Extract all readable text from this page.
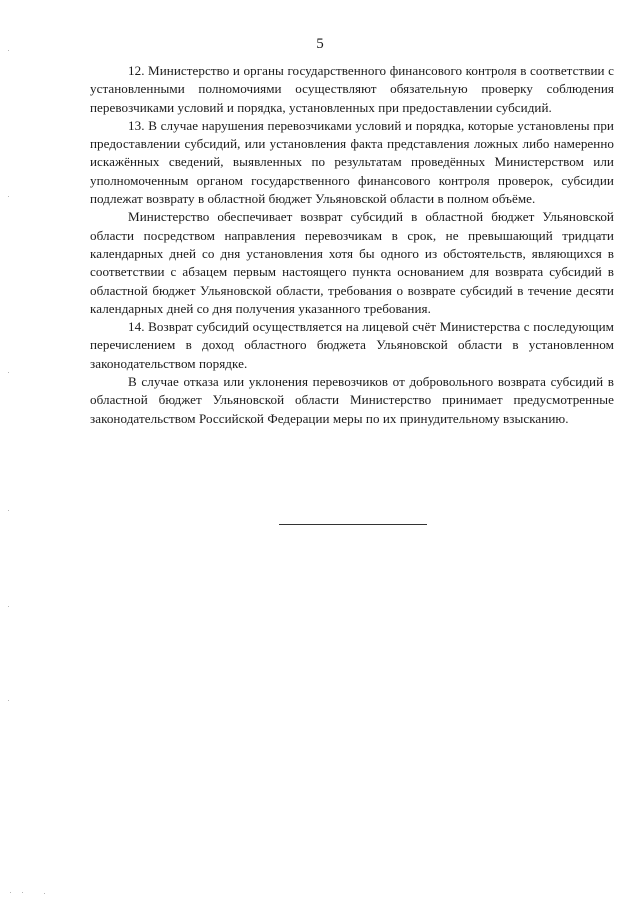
5

12. Министерство и органы государственного финансового контроля в соответствии с установленными полномочиями осуществляют обязательную проверку соблюдения перевозчиками условий и порядка, установленных при предоставлении субсидий.

13. В случае нарушения перевозчиками условий и порядка, которые установлены при предоставлении субсидий, или установления факта представления ложных либо намеренно искажённых сведений, выявленных по результатам проведённых Министерством или уполномоченным органом государственного финансового контроля проверок, субсидии подлежат возврату в областной бюджет Ульяновской области в полном объёме.

Министерство обеспечивает возврат субсидий в областной бюджет Ульяновской области посредством направления перевозчикам в срок, не превышающий тридцати календарных дней со дня установления хотя бы одного из обстоятельств, являющихся в соответствии с абзацем первым настоящего пункта основанием для возврата субсидий в областной бюджет Ульяновской области, требования о возврате субсидий в течение десяти календарных дней со дня получения указанного требования.

14. Возврат субсидий осуществляется на лицевой счёт Министерства с последующим перечислением в доход областного бюджета Ульяновской области в установленном законодательством порядке.

В случае отказа или уклонения перевозчиков от добровольного возврата субсидий в областной бюджет Ульяновской области Министерство принимает предусмотренные законодательством Российской Федерации меры по их принудительному взысканию.
